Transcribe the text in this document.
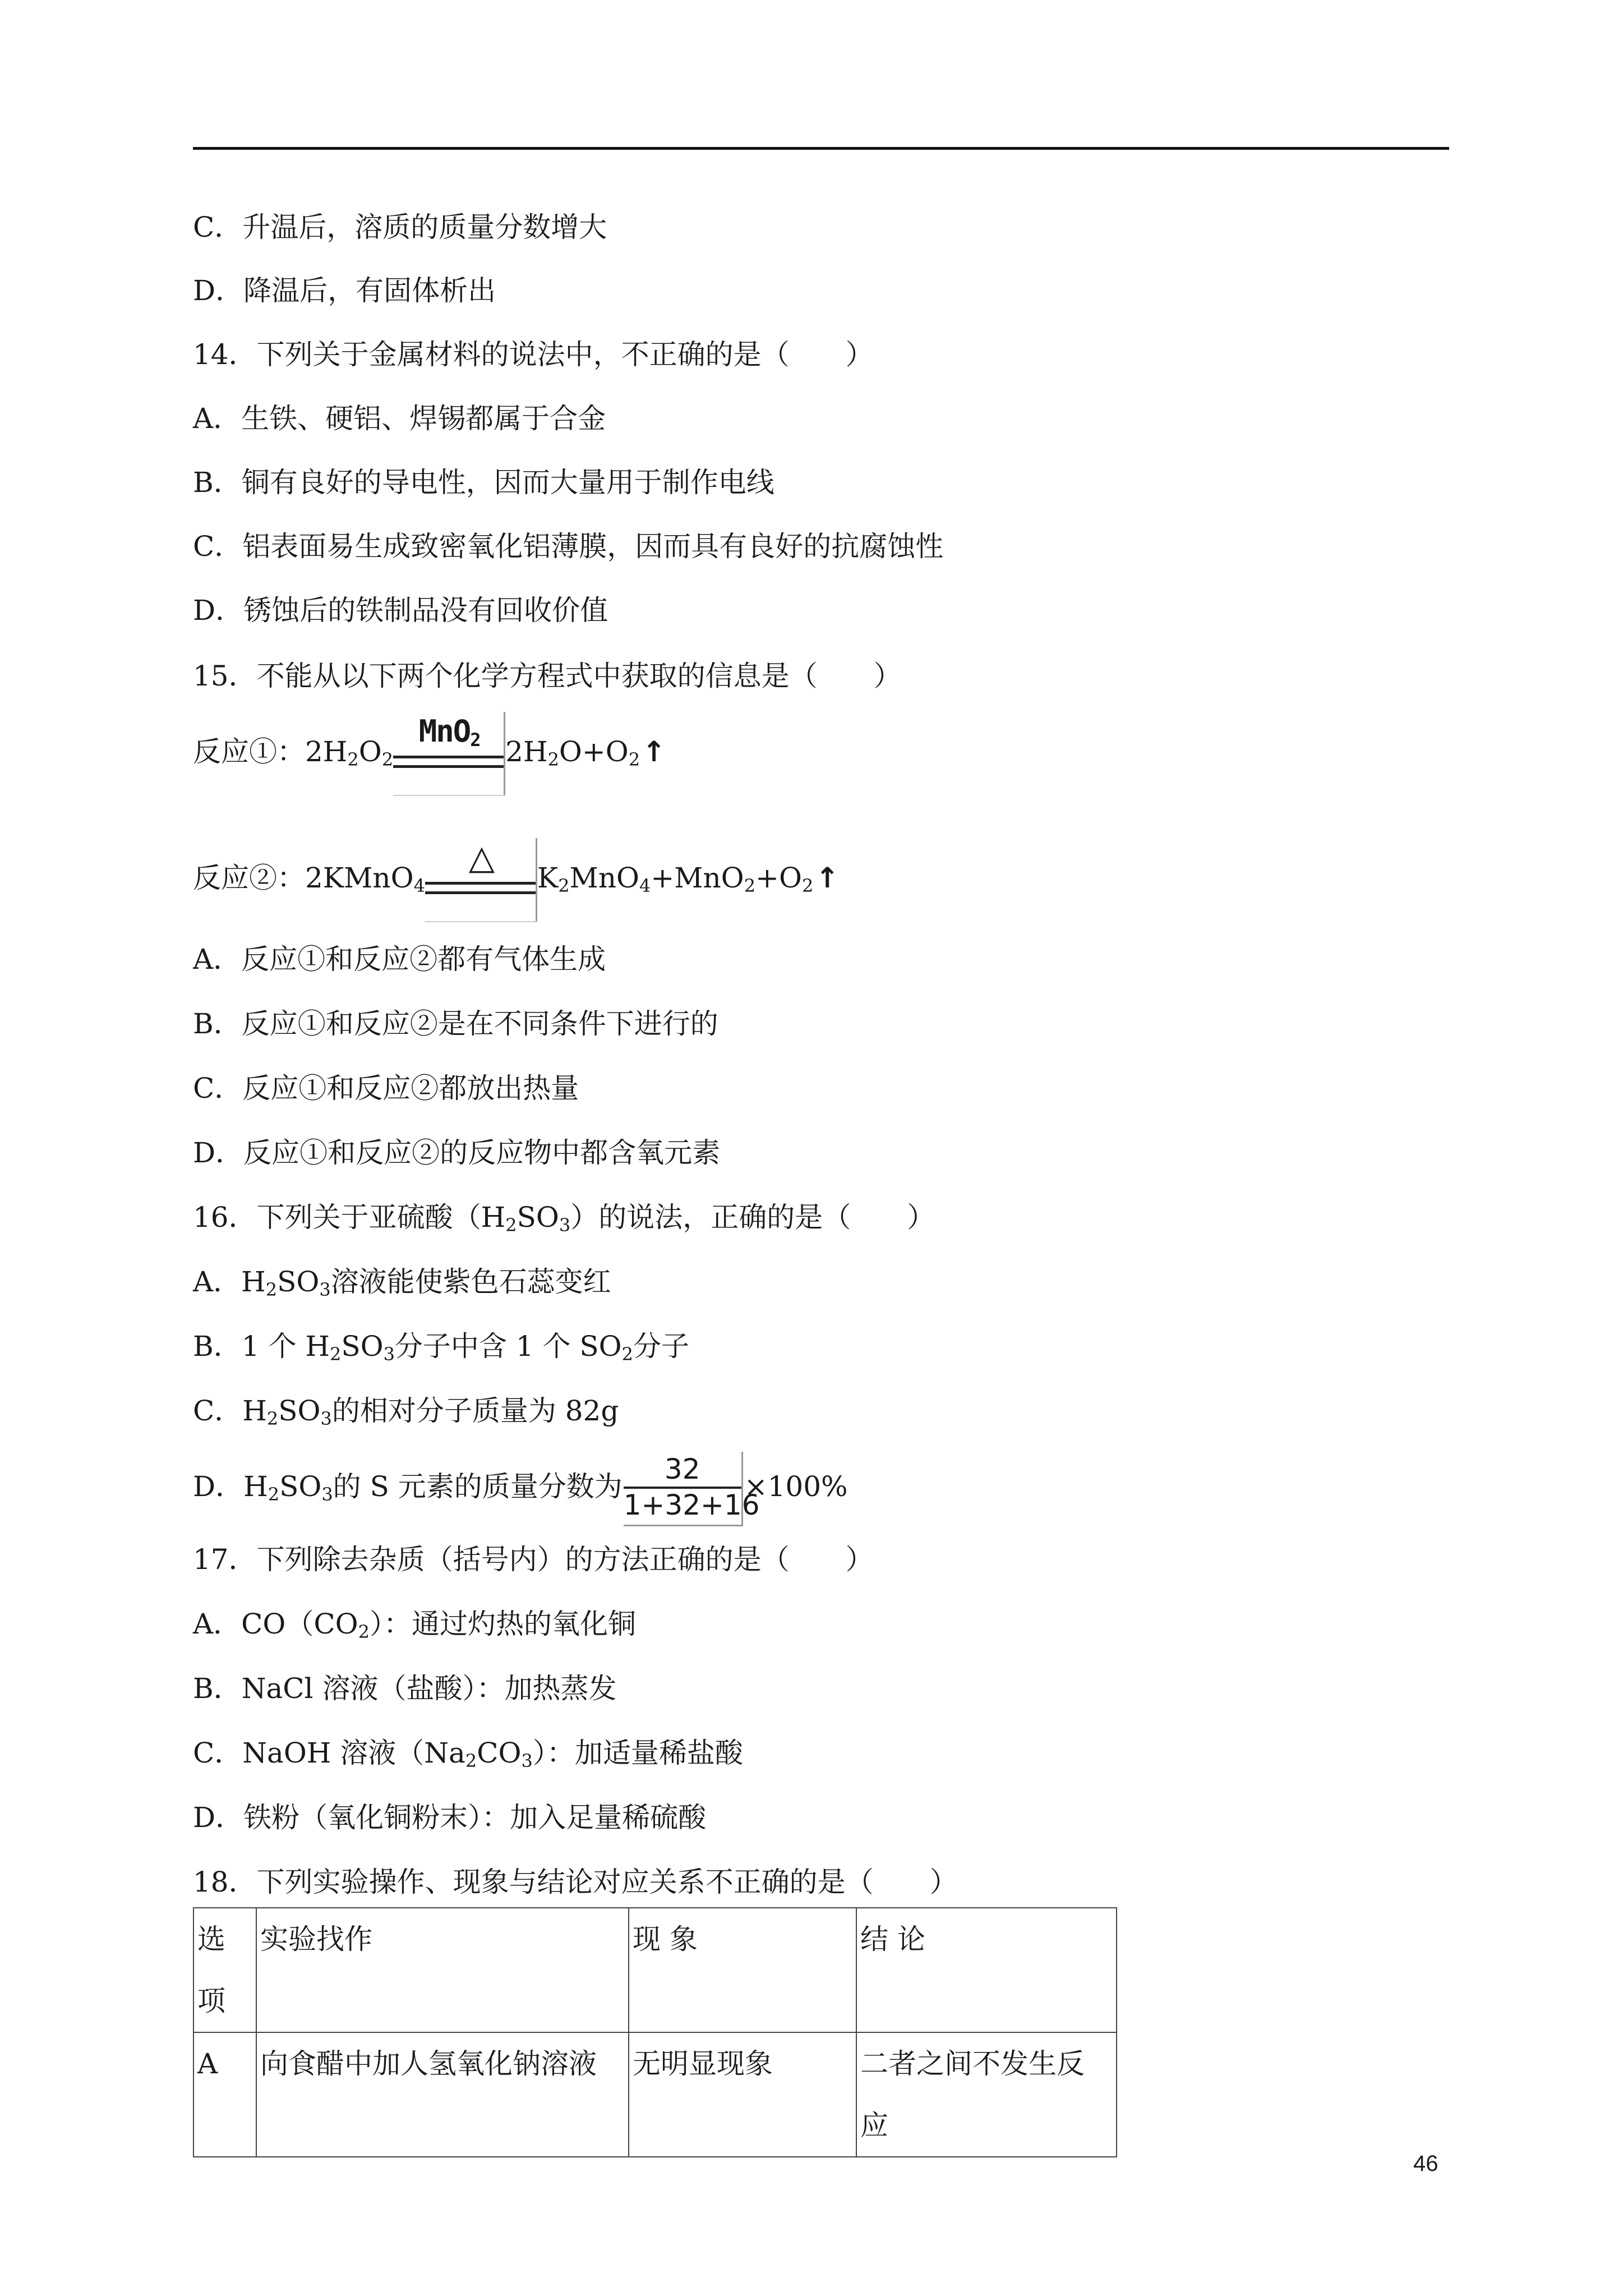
C．升温后，溶质的质量分数增大
D．降温后，有固体析出
14．下列关于金属材料的说法中，不正确的是（　　）
A．生铁、硬铝、焊锡都属于合金
B．铜有良好的导电性，因而大量用于制作电线
C．铝表面易生成致密氧化铝薄膜，因而具有良好的抗腐蚀性
D．锈蚀后的铁制品没有回收价值
15．不能从以下两个化学方程式中获取的信息是（　　）
反应①：$2H_2O_2$
MnO$_2$ $2H_2O+O_2↑$
反应②：2KMnO$_4$
△
$K_2MnO_4+MnO_2+O_2↑$
A．反应①和反应②都有气体生成
B．反应①和反应②是在不同条件下进行的
C．反应①和反应②都放出热量
D．反应①和反应②的反应物中都含氧元素
16．下列关于亚硫酸$(H_2SO_3)$的说法，正确的是（　　）
A．$H_2SO_3$溶液能使紫色石蕊变红
B．1 个 $H_2SO_3$分子中含 1 个 $SO_2$分子
C．$H_2SO_3$的相对分子质量为 82g
D．$H_2SO_3$的 S 元素的质量分数为 $\frac{32}{1+32+16} \times 100\%$
17．下列除去杂质（括号内）的方法正确的是（　　）
A．$CO(CO_2)$：通过灼热的氧化铜
B．NaCl 溶液（盐酸）：加热蒸发
C．NaOH 溶液$(Na_2CO_3)$：加适量稀盐酸
D．铁粉（氧化铜粉末）：加入足量稀硫酸
18．下列实验操作、现象与结论对应关系不正确的是（　　）
选项	实验找作	现 象	结 论
A	向食醋中加人氢氧化钠溶液	无明显现象	二者之间不发生反
应
46
